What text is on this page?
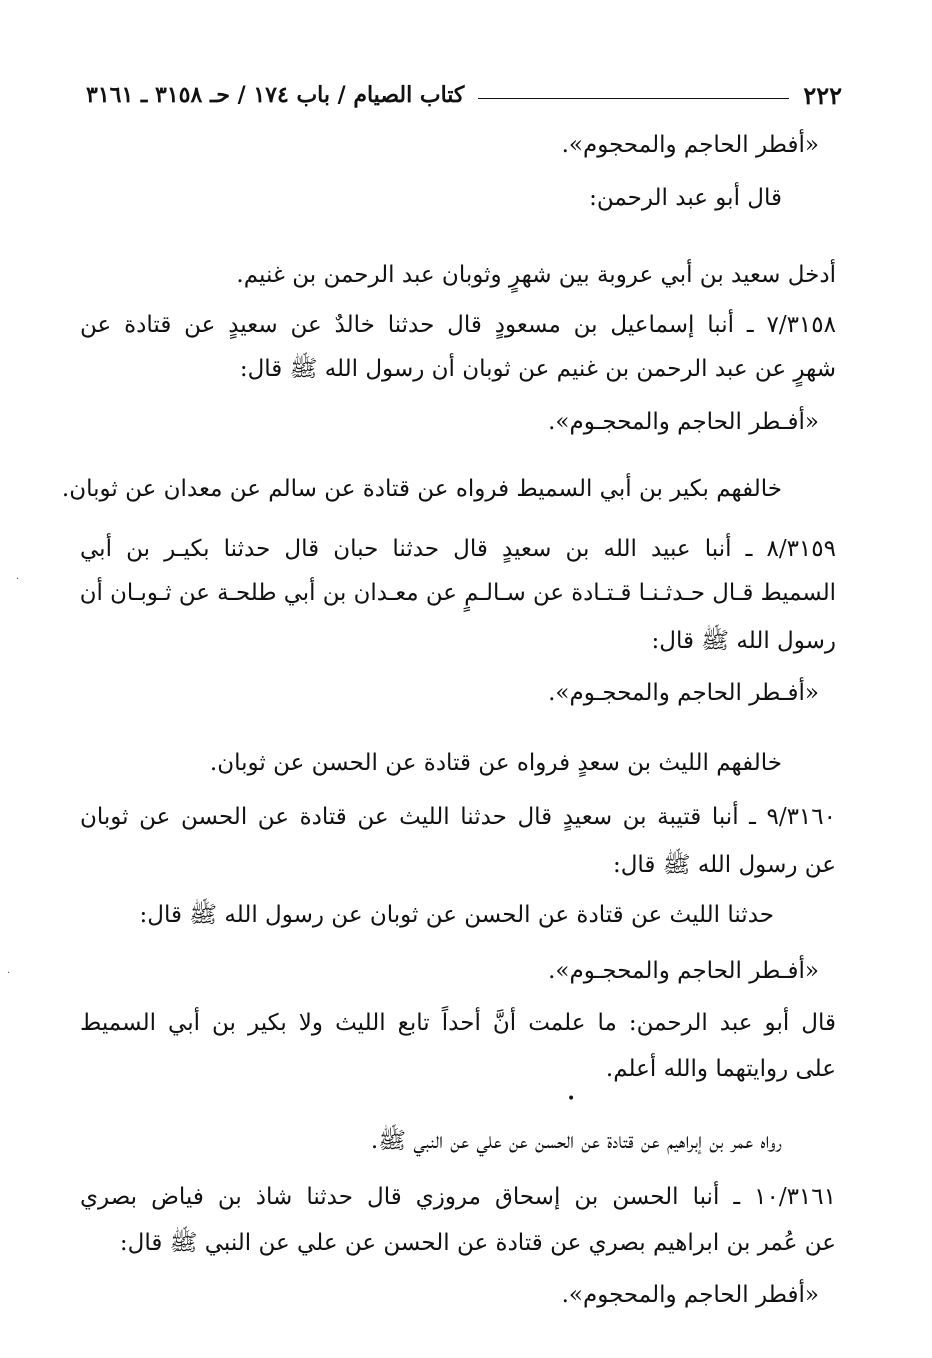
٢٢٢
كتاب الصيام / باب ١٧٤ / حـ ٣١٥٨ ـ ٣١٦١
«أفطر الحاجم والمحجوم».
قال أبو عبد الرحمن:
أدخل سعيد بن أبي عروبة بين شهرٍ وثوبان عبد الرحمن بن غنيم.
٧/٣١٥٨ ـ أنبا إسماعيل بن مسعودٍ قال حدثنا خالدٌ عن سعيدٍ عن قتادة عن
شهرٍ عن عبد الرحمن بن غنيم عن ثوبان أن رسول الله ﷺ قال:
«أفـطر الحاجم والمحجـوم».
خالفهم بكير بن أبي السميط فرواه عن قتادة عن سالم عن معدان عن ثوبان.
٨/٣١٥٩ ـ أنبا عبيد الله بن سعيدٍ قال حدثنا حبان قال حدثنا بكيـر بن أبي
السميط قـال حـدثـنـا قـتـادة عن سـالـمٍ عن معـدان بن أبي طلحـة عن ثـوبـان أن
رسول الله ﷺ قال:
«أفـطر الحاجم والمحجـوم».
خالفهم الليث بن سعدٍ فرواه عن قتادة عن الحسن عن ثوبان.
٩/٣١٦٠ ـ أنبا قتيبة بن سعيدٍ قال حدثنا الليث عن قتادة عن الحسن عن ثوبان
عن رسول الله ﷺ قال:
حدثنا الليث عن قتادة عن الحسن عن ثوبان عن رسول الله ﷺ قال:
«أفـطر الحاجم والمحجـوم».
قال أبو عبد الرحمن: ما علمت أنَّ أحداً تابع الليث ولا بكير بن أبي السميط
على روايتهما والله أعلم.
رواه عمر بن إبراهيم عن قتادة عن الحسن عن علي عن النبي ﷺ.
١٠/٣١٦١ ـ أنبا الحسن بن إسحاق مروزي قال حدثنا شاذ بن فياض بصري
عن عُمر بن ابراهيم بصري عن قتادة عن الحسن عن علي عن النبي ﷺ قال:
«أفطر الحاجم والمحجوم».
•
·
·
